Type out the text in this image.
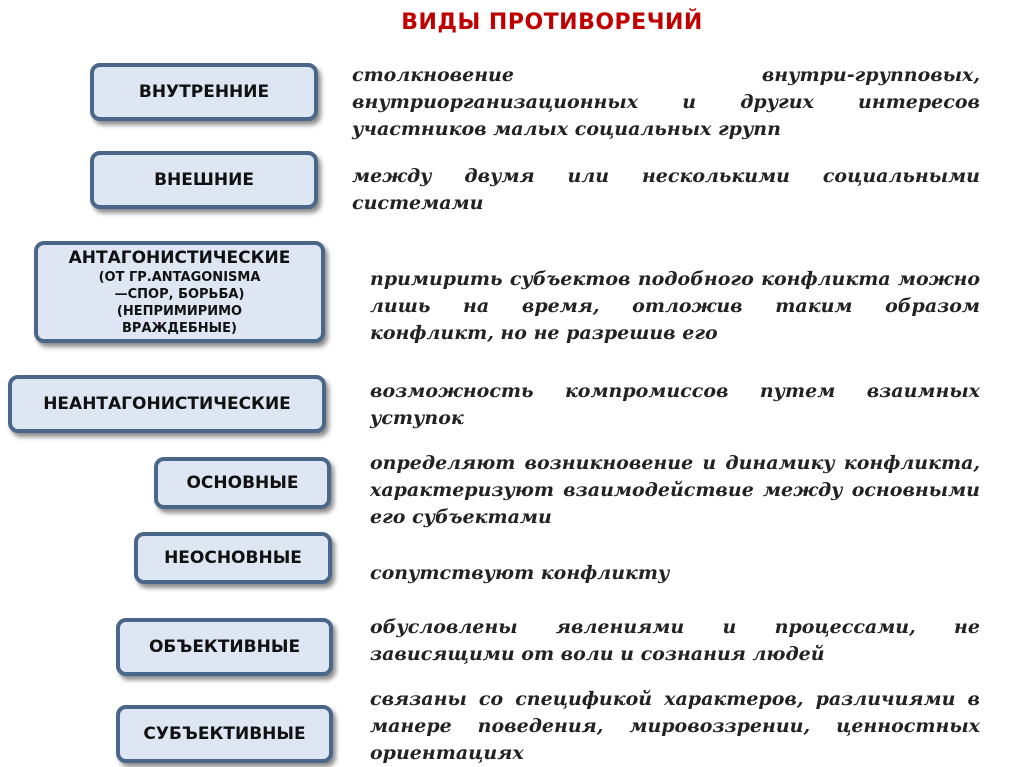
ВИДЫ ПРОТИВОРЕЧИЙ
ВНУТРЕННИЕ
столкновение внутри-групповых, внутриорганизационных и других интересов участников малых социальных групп
ВНЕШНИЕ	между двумя или несколькими социальными системами
АНТАГОНИСТИЧЕСКИЕ
(ОТ ГР.ANTAGONISMA
—СПОР, БОРЬБА)
(НЕПРИМИРИМО
ВРАЖДЕБНЫЕ)
примирить субъектов подобного конфликта можно лишь на время, отложив таким образом конфликт, но не разрешив его
НЕАНТАГОНИСТИЧЕСКИЕ
возможность компромиссов путем взаимных уступок
ОСНОВНЫЕ
определяют возникновение и динамику конфликта, характеризуют взаимодействие между основными его субъектами
НЕОСНОВНЫЕ
сопутствуют конфликту
ОБЪЕКТИВНЫЕ
обусловлены явлениями и процессами, не зависящими от воли и сознания людей
СУБЪЕКТИВНЫЕ
связаны со спецификой характеров, различиями в манере поведения, мировоззрении, ценностных ориентациях
